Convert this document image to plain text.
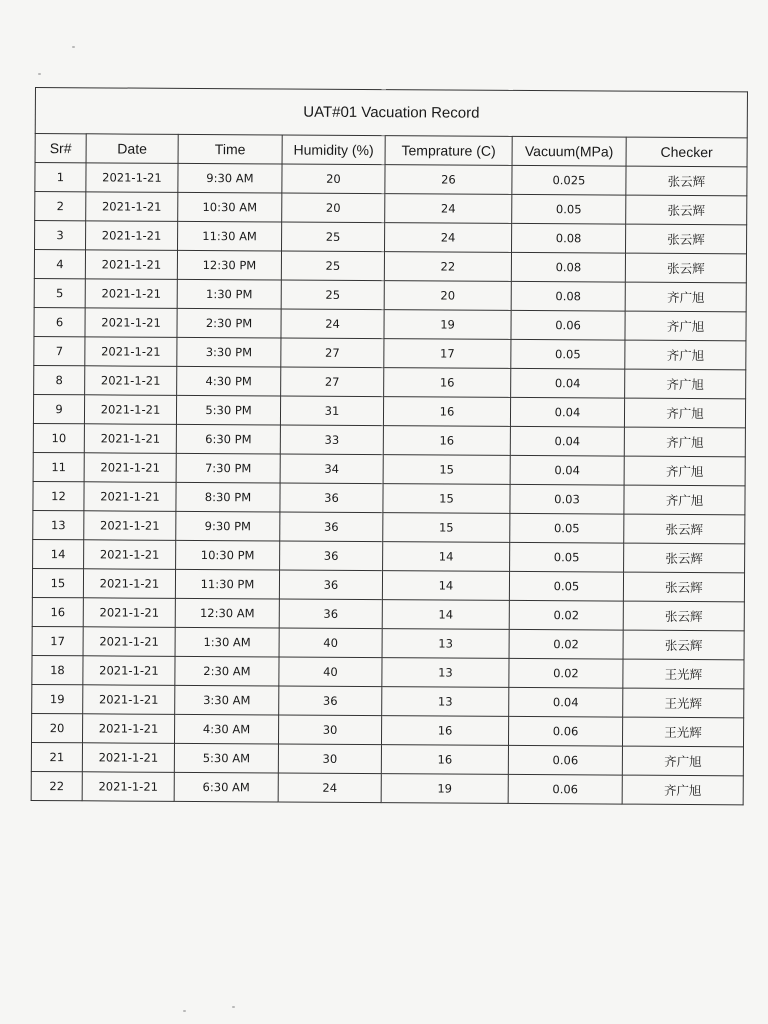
UAT#01 Vacuation Record						
Sr#	Date	Time	Humidity (%)	Temprature (C)	Vacuum(MPa)	Checker
1	2021-1-21	9:30 AM	20	26	0.025	张云辉
2	2021-1-21	10:30 AM	20	24	0.05	张云辉
3	2021-1-21	11:30 AM	25	24	0.08	张云辉
4	2021-1-21	12:30 PM	25	22	0.08	张云辉
5	2021-1-21	1:30 PM	25	20	0.08	齐广旭
6	2021-1-21	2:30 PM	24	19	0.06	齐广旭
7	2021-1-21	3:30 PM	27	17	0.05	齐广旭
8	2021-1-21	4:30 PM	27	16	0.04	齐广旭
9	2021-1-21	5:30 PM	31	16	0.04	齐广旭
10	2021-1-21	6:30 PM	33	16	0.04	齐广旭
11	2021-1-21	7:30 PM	34	15	0.04	齐广旭
12	2021-1-21	8:30 PM	36	15	0.03	齐广旭
13	2021-1-21	9:30 PM	36	15	0.05	张云辉
14	2021-1-21	10:30 PM	36	14	0.05	张云辉
15	2021-1-21	11:30 PM	36	14	0.05	张云辉
16	2021-1-21	12:30 AM	36	14	0.02	张云辉
17	2021-1-21	1:30 AM	40	13	0.02	张云辉
18	2021-1-21	2:30 AM	40	13	0.02	王光辉
19	2021-1-21	3:30 AM	36	13	0.04	王光辉
20	2021-1-21	4:30 AM	30	16	0.06	王光辉
21	2021-1-21	5:30 AM	30	16	0.06	齐广旭
22	2021-1-21	6:30 AM	24	19	0.06	齐广旭
